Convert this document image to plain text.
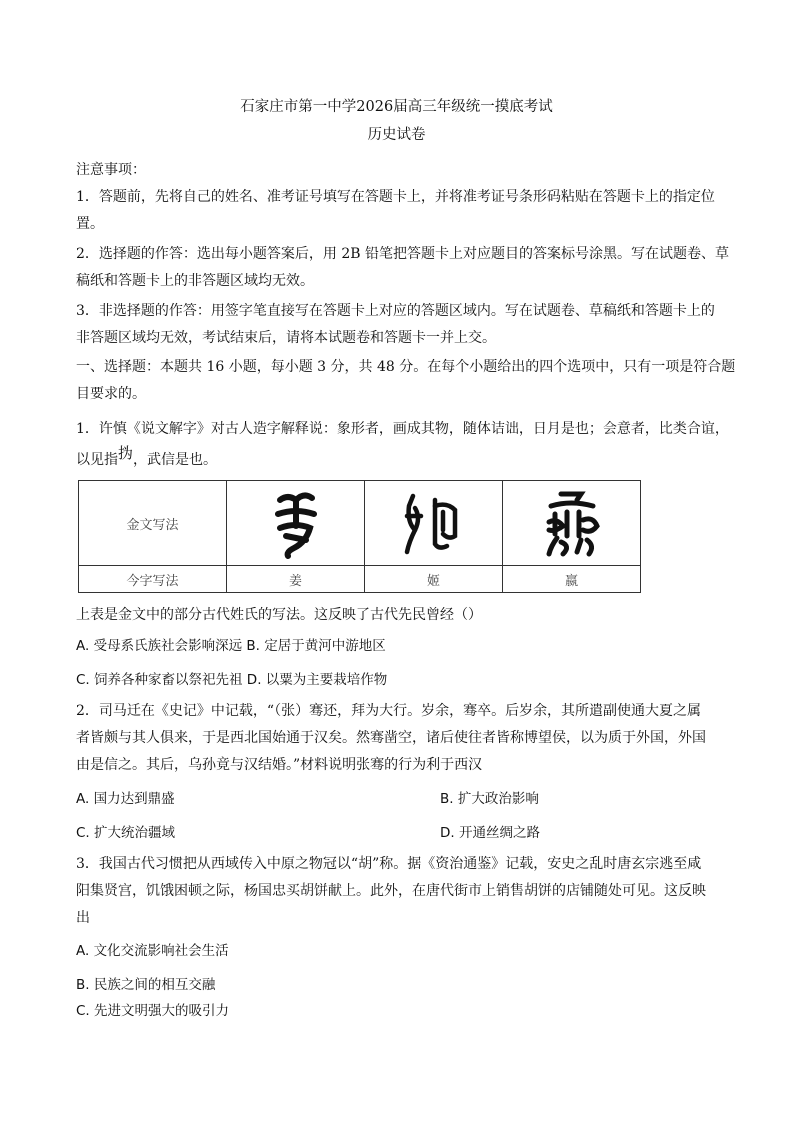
石家庄市第一中学2026届高三年级统一摸底考试
历史试卷
注意事项：
1．答题前，先将自己的姓名、准考证号填写在答题卡上，并将准考证号条形码粘贴在答题卡上的指定位
置。
2．选择题的作答：选出每小题答案后，用 2B 铅笔把答题卡上对应题目的答案标号涂黑。写在试题卷、草
稿纸和答题卡上的非答题区域均无效。
3．非选择题的作答：用签字笔直接写在答题卡上对应的答题区域内。写在试题卷、草稿纸和答题卡上的
非答题区域均无效，考试结束后，请将本试题卷和答题卡一并上交。
一、选择题：本题共 16 小题，每小题 3 分，共 48 分。在每个小题给出的四个选项中，只有一项是符合题
目要求的。
1．许慎《说文解字》对古人造字解释说：象形者，画成其物，随体诘诎，日月是也；会意者，比类合谊，
以见指㧑，武信是也。
金文写法	

今字写法	姜	姬	嬴
上表是金文中的部分古代姓氏的写法。这反映了古代先民曾经（）
A. 受母系氏族社会影响深远 B. 定居于黄河中游地区
C. 饲养各种家畜以祭祀先祖 D. 以粟为主要栽培作物
2．司马迁在《史记》中记载，“（张）骞还，拜为大行。岁余，骞卒。后岁余，其所遣副使通大夏之属
者皆颇与其人俱来，于是西北国始通于汉矣。然骞凿空，诸后使往者皆称博望侯，以为质于外国，外国
由是信之。其后，乌孙竟与汉结婚。”材料说明张骞的行为利于西汉
A. 国力达到鼎盛	B. 扩大政治影响
C. 扩大统治疆域	D. 开通丝绸之路
3．我国古代习惯把从西域传入中原之物冠以“胡”称。据《资治通鉴》记载，安史之乱时唐玄宗逃至咸
阳集贤宫，饥饿困顿之际，杨国忠买胡饼献上。此外，在唐代街市上销售胡饼的店铺随处可见。这反映
出
A. 文化交流影响社会生活
B. 民族之间的相互交融
C. 先进文明强大的吸引力
